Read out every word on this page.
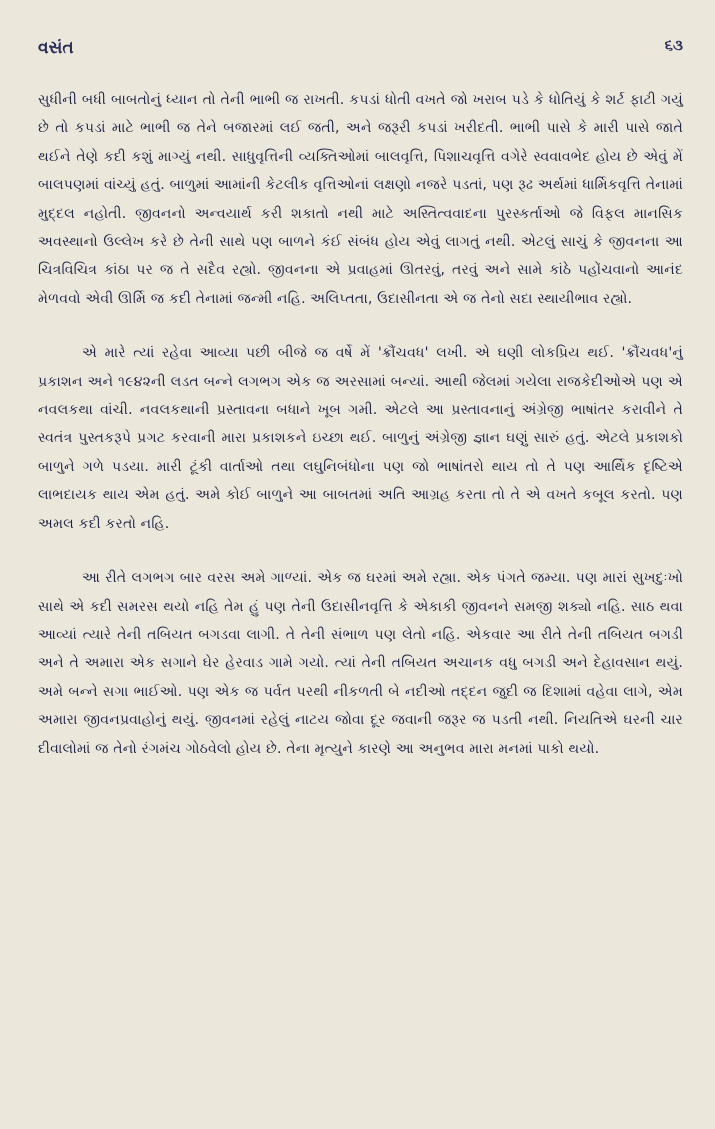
વસંત	૬૩

સુધીની બધી બાબતોનું ધ્યાન તો તેની ભાભી જ રાખતી. કપડાં ધોતી વખતે જો ખરાબ પડે કે ધોતિયું કે શર્ટ ફાટી ગયું છે તો કપડાં માટે ભાભી જ તેને બજારમાં લઈ જતી, અને જરૂરી કપડાં ખરીદતી. ભાભી પાસે કે મારી પાસે જાતે થઈને તેણે કદી કશું માગ્યું નથી. સાધુવૃત્તિની વ્યક્તિઓમાં બાલવૃત્તિ, પિશાચવૃત્તિ વગેરે સ્વવાવભેદ હોય છે એવું મેં બાલપણમાં વાંચ્યું હતું. બાળુમાં આમાંની કેટલીક વૃત્તિઓનાં લક્ષણો નજરે પડતાં, પણ રૂઢ અર્થમાં ધાર્મિકવૃત્તિ તેનામાં મુદ્દલ નહોતી. જીવનનો અન્વયાર્થ કરી શકાતો નથી માટે અસ્તિત્વવાદના પુરસ્કર્તાઓ જે વિફલ માનસિક અવસ્થાનો ઉલ્લેખ કરે છે તેની સાથે પણ બાળને કંઈ સંબંધ હોય એવું લાગતું નથી. એટલું સાચું કે જીવનના આ ચિત્રવિચિત્ર કાંઠા પર જ તે સદૈવ રહ્યો. જીવનના એ પ્રવાહમાં ઊતરવું, તરવું અને સામે કાંઠે પહોંચવાનો આનંદ મેળવવો એવી ઊર્મિ જ કદી તેનામાં જન્મી નહિ. અલિપ્તતા, ઉદાસીનતા એ જ તેનો સદા સ્થાયીભાવ રહ્યો.

એ મારે ત્યાં રહેવા આવ્યા પછી બીજે જ વર્ષે મેં 'ક્રૌંચવધ' લખી. એ ઘણી લોકપ્રિય થઈ. 'ક્રૌંચવધ'નું પ્રકાશન અને ૧૯૪૨ની લડત બન્ને લગભગ એક જ અરસામાં બન્યાં. આથી જેલમાં ગયેલા રાજકેદીઓએ પણ એ નવલકથા વાંચી. નવલકથાની પ્રસ્તાવના બધાને ખૂબ ગમી. એટલે આ પ્રસ્તાવનાનું અંગ્રેજી ભાષાંતર કરાવીને તે સ્વતંત્ર પુસ્તકરૂપે પ્રગટ કરવાની મારા પ્રકાશકને ઇચ્છા થઈ. બાળુનું અંગ્રેજી જ્ઞાન ઘણું સારું હતું. એટલે પ્રકાશકો બાળુને ગળે પડયા. મારી ટૂંકી વાર્તાઓ તથા લઘુનિબંધોના પણ જો ભાષાંતરો થાય તો તે પણ આર્થિક દૃષ્ટિએ લાભદાયક થાય એમ હતું. અમે કોઈ બાળુને આ બાબતમાં અતિ આગ્રહ કરતા તો તે એ વખતે કબૂલ કરતો. પણ અમલ કદી કરતો નહિ.

આ રીતે લગભગ બાર વરસ અમે ગાળ્યાં. એક જ ઘરમાં અમે રહ્યા. એક પંગતે જમ્યા. પણ મારાં સુખદુઃખો સાથે એ કદી સમરસ થયો નહિ તેમ હું પણ તેની ઉદાસીનવૃત્તિ કે એકાકી જીવનને સમજી શક્યો નહિ. સાઠ થવા આવ્યાં ત્યારે તેની તબિયત બગડવા લાગી. તે તેની સંભાળ પણ લેતો નહિ. એકવાર આ રીતે તેની તબિયત બગડી અને તે અમારા એક સગાને ઘેર હેરવાડ ગામે ગયો. ત્યાં તેની તબિયત અચાનક વધુ બગડી અને દેહાવસાન થયું. અમે બન્ને સગા ભાઈઓ. પણ એક જ પર્વત પરથી નીકળતી બે નદીઓ તદ્દન જુદી જ દિશામાં વહેવા લાગે, એમ અમારા જીવનપ્રવાહોનું થયું. જીવનમાં રહેલું નાટય જોવા દૂર જવાની જરૂર જ પડતી નથી. નિયતિએ ઘરની ચાર દીવાલોમાં જ તેનો રંગમંચ ગોઠવેલો હોય છે. તેના મૃત્યુને કારણે આ અનુભવ મારા મનમાં પાકો થયો.
